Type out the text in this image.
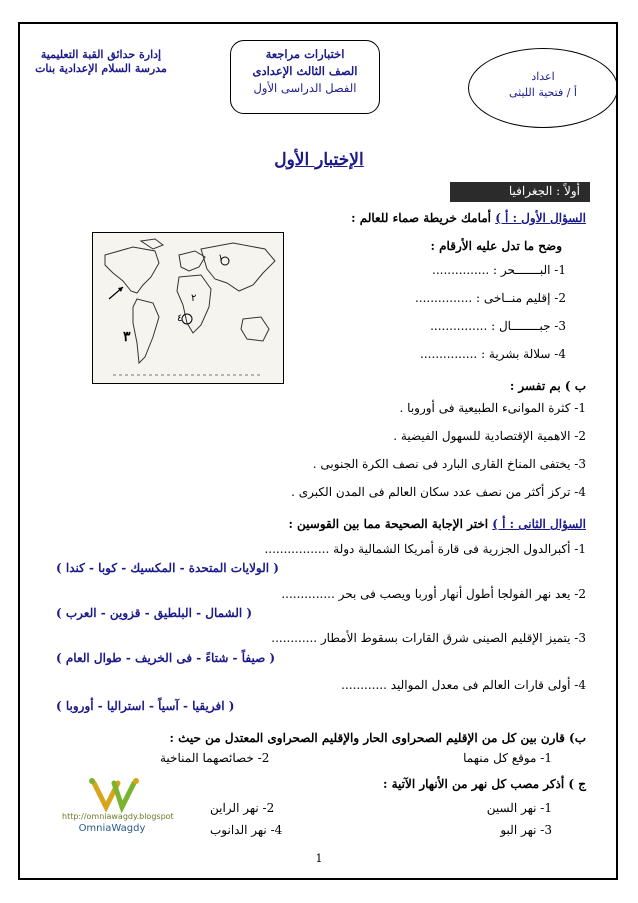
إدارة حدائق القبة التعليمية
مدرسة السلام الإعدادية بنات
اختبارات مراجعة
الصف الثالث الإعدادى
الفصل الدراسى الأول
اعداد
أ / فتحية الليثى
الإختبار الأول
أولاً : الجغرافيا
السؤال الأول : أ ) أمامك خريطة صماء للعالم :
وضح ما تدل عليه الأرقام :
1- البـــــــحر : ...............
2- إقليم منــاخى : ...............
3- جبــــــــال : ...............
4- سلالة بشرية : ...............
١
٢
٣
٤
ب ) بم تفسر :
1- كثرة الموانىء الطبيعية فى أوروبا .
2- الاهمية الإقتصادية للسهول الفيضية .
3- يختفى المناخ القارى البارد فى نصف الكرة الجنوبى .
4- تركز أكثر من نصف عدد سكان العالم فى المدن الكبرى .
السؤال الثانى : أ ) اختر الإجابة الصحيحة مما بين القوسين :
1- أكبرالدول الجزرية فى قارة أمريكا الشمالية دولة .................
( الولايات المتحدة - المكسيك - كوبا - كندا )
2- يعد نهر الفولجا أطول أنهار أوربا ويصب فى بحر ..............
( الشمال - البلطيق - قزوين - العرب )
3- يتميز الإقليم الصينى شرق القارات بسقوط الأمطار ............
( صيفاً - شتاءً - فى الخريف - طوال العام )
4- أولى قارات العالم فى معدل المواليد ............
( افريقيا - آسياً - استراليا - أوروبا )
ب) قارن بين كل من الإقليم الصحراوى الحار والإقليم الصحراوى المعتدل من حيث :
1- موقع كل منهما
2- خصائصهما المناخية
ج ) أذكر مصب كل نهر من الأنهار الآتية :
1- نهر السين
2- نهر الراين
3- نهر البو
4- نهر الدانوب
http://omniawagdy.blogspot
OmniaWagdy
1
